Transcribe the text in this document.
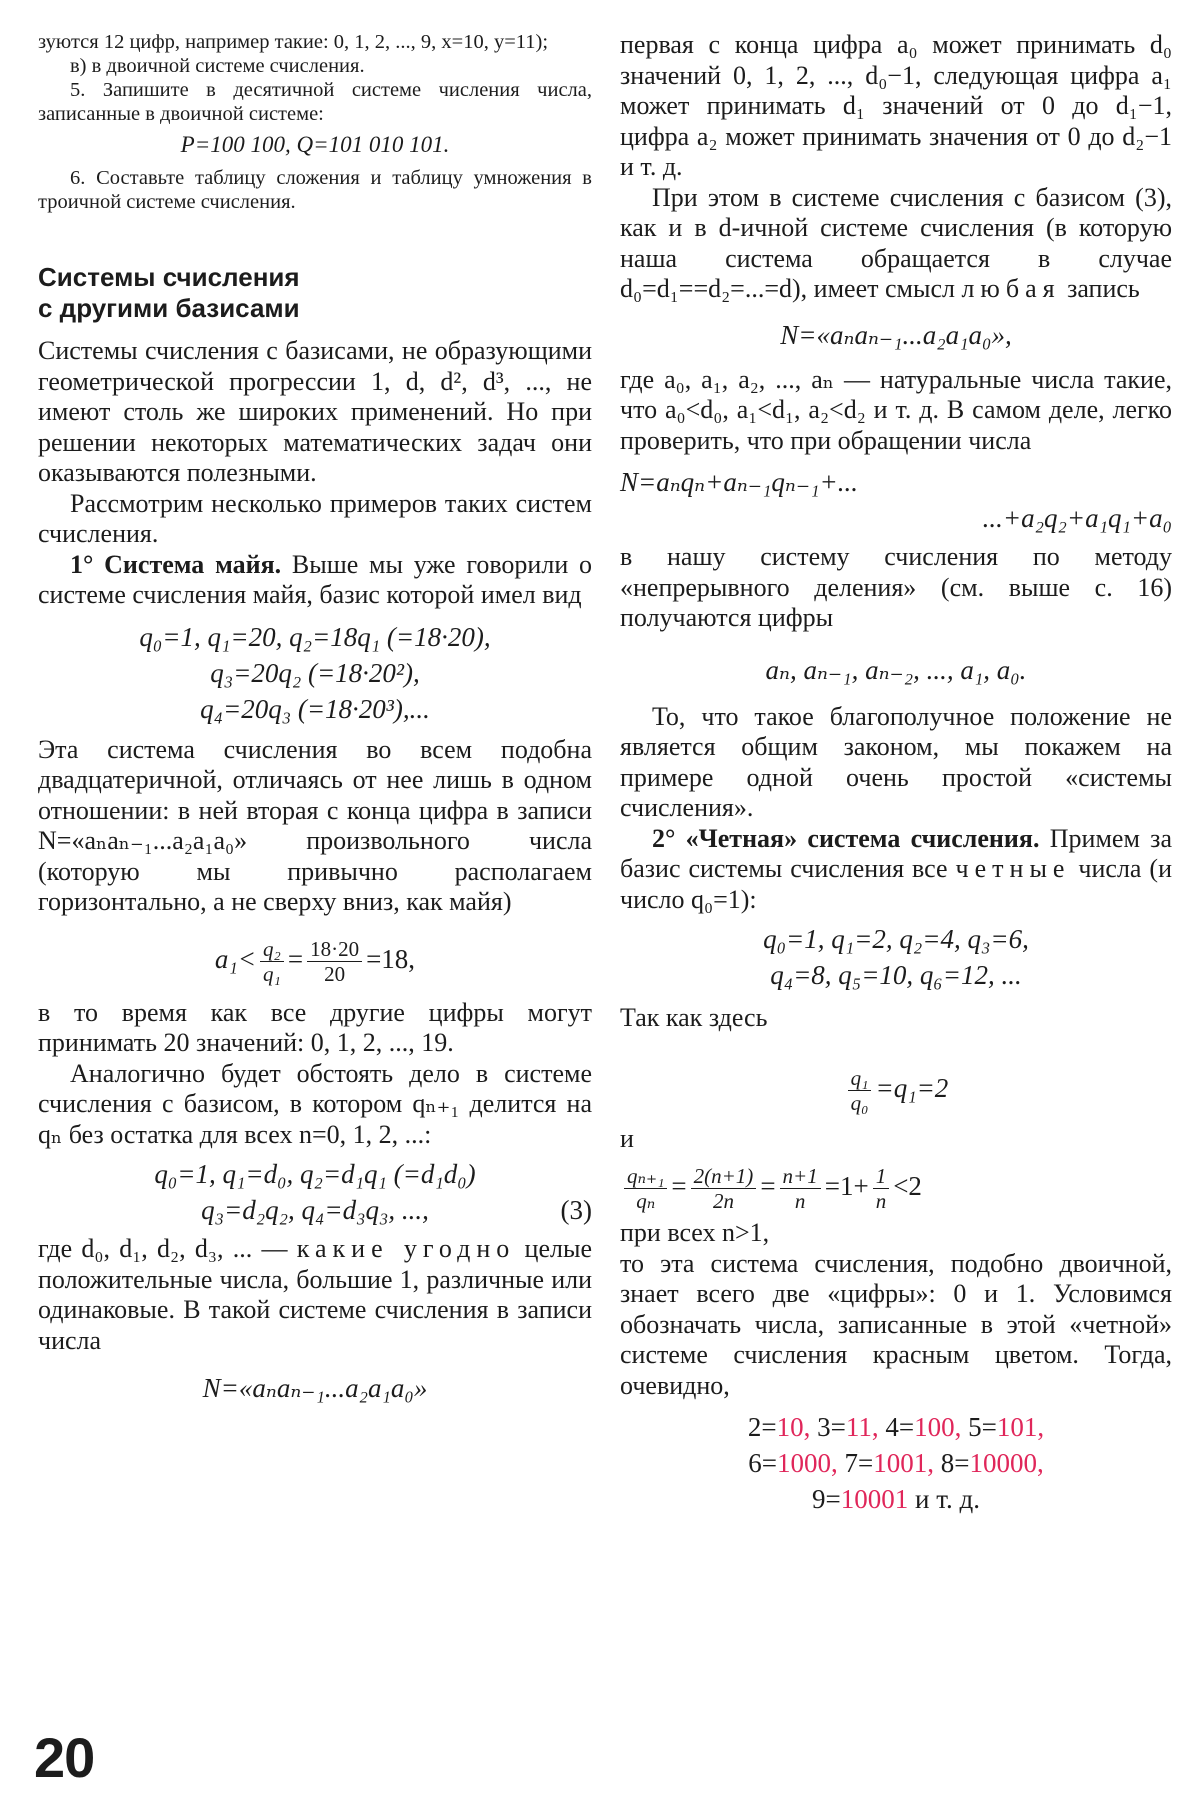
зуются 12 цифр, например такие: 0, 1, 2, ..., 9, x=10, y=11);

в) в двоичной системе счисления.

5. Запишите в десятичной системе числения числа, записанные в двоичной системе:

P=100 100, Q=101 010 101.

6. Составьте таблицу сложения и таблицу умножения в троичной системе счисления.

Системы счисления
с другими базисами

Системы счисления с базисами, не образующими геометрической прогрессии 1, d, d², d³, ..., не имеют столь же широких применений. Но при решении некоторых математических задач они оказываются полезными.

Рассмотрим несколько примеров таких систем счисления.

1° Система майя. Выше мы уже говорили о системе счисления майя, базис которой имел вид

q₀=1, q₁=20, q₂=18q₁ (=18·20),

q₃=20q₂ (=18·20²),

q₄=20q₃ (=18·20³),...

Эта система счисления во всем подобна двадцатеричной, отличаясь от нее лишь в одном отношении: в ней вторая с конца цифра в записи N=«aₙaₙ₋₁...a₂a₁a₀» произвольного числа (которую мы привычно располагаем горизонтально, а не сверху вниз, как майя)

$a_1< \frac{\text{q₂}}{\text{q₁}} = \frac{18\cdot 20}{20} =18$,

в то время как все другие цифры могут принимать 20 значений: 0, 1, 2, ..., 19.

Аналогично будет обстоять дело в системе счисления с базисом, в котором qₙ₊₁ делится на qₙ без остатка для всех n=0, 1, 2, ...:

q₀=1, q₁=d₀, q₂=d₁q₁ (=d₁d₀)

q₃=d₂q₂, q₄=d₃q₃, ...,	(3)

где d₀, d₁, d₂, d₃, ... — какие угодно целые положительные числа, большие 1, различные или одинаковые. В такой системе счисления в записи числа

N=«aₙaₙ₋₁...a₂a₁a₀»

первая с конца цифра a₀ может принимать d₀ значений 0, 1, 2, ..., d₀−1, следующая цифра a₁ может принимать d₁ значений от 0 до d₁−1, цифра a₂ может принимать значения от 0 до d₂−1 и т. д.

При этом в системе счисления с базисом (3), как и в d-ичной системе счисления (в которую наша система обращается в случае d₀=d₁==d₂=...=d), имеет смысл любая запись

N=«aₙaₙ₋₁...a₂a₁a₀»,

где a₀, a₁, a₂, ..., aₙ — натуральные числа такие, что a₀<d₀, a₁<d₁, a₂<d₂ и т. д. В самом деле, легко проверить, что при обращении числа

N=aₙqₙ+aₙ₋₁qₙ₋₁+...

...+a₂q₂+a₁q₁+a₀

в нашу систему счисления по методу «непрерывного деления» (см. выше с. 16) получаются цифры

aₙ, aₙ₋₁, aₙ₋₂, ..., a₁, a₀.

То, что такое благополучное положение не является общим законом, мы покажем на примере одной очень простой «системы счисления».

2° «Четная» система счисления. Примем за базис системы счисления все четные числа (и число q₀=1):

q₀=1, q₁=2, q₂=4, q₃=6,

q₄=8, q₅=10, q₆=12, ...

Так как здесь

$\frac{\text{q₁}}{\text{q₀}} =q_1=2$

и

$\frac{\text{qₙ₊₁}}{\text{qₙ}} = \frac{2(n+1)}{2n} = \frac{n+1}{n} =1+ \frac{1}{n} <2$

при всех n>1,

то эта система счисления, подобно двоичной, знает всего две «цифры»: 0 и 1. Условимся обозначать числа, записанные в этой «четной» системе счисления красным цветом. Тогда, очевидно,

2=10, 3=11, 4=100, 5=101,

6=1000, 7=1001, 8=10000,

9=10001 и т. д.

20
